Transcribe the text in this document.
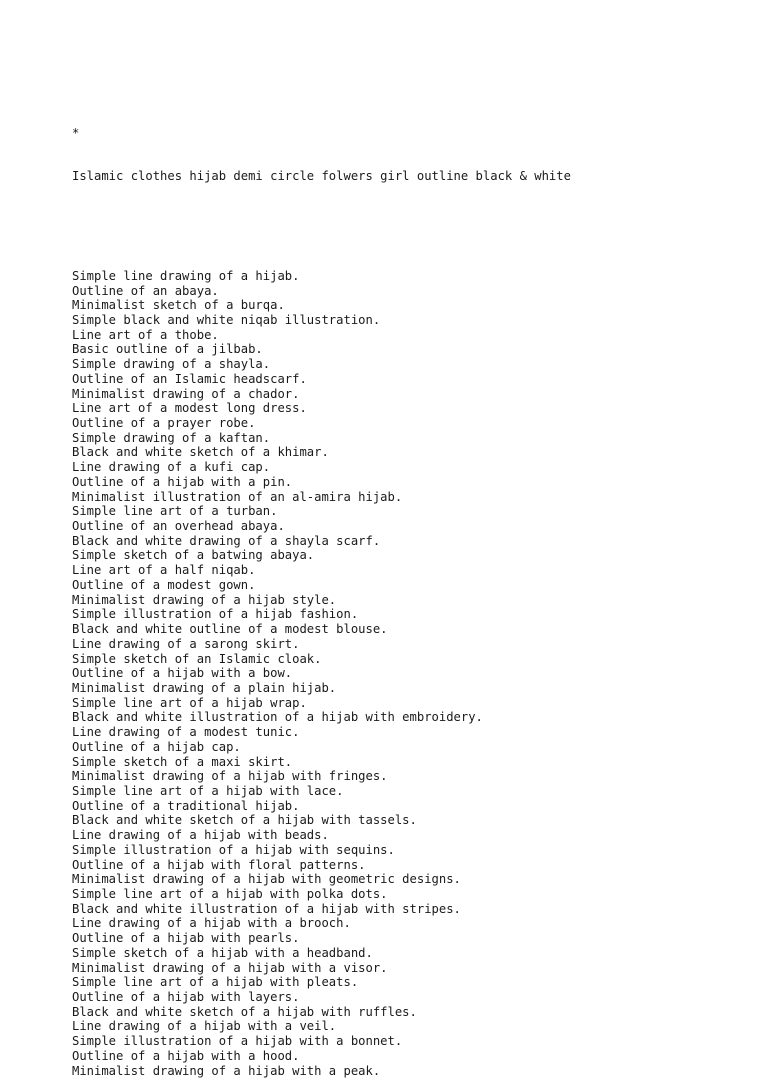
*

Islamic clothes hijab demi circle folwers girl outline black & white

Simple line drawing of a hijab.
Outline of an abaya.
Minimalist sketch of a burqa.
Simple black and white niqab illustration.
Line art of a thobe.
Basic outline of a jilbab.
Simple drawing of a shayla.
Outline of an Islamic headscarf.
Minimalist drawing of a chador.
Line art of a modest long dress.
Outline of a prayer robe.
Simple drawing of a kaftan.
Black and white sketch of a khimar.
Line drawing of a kufi cap.
Outline of a hijab with a pin.
Minimalist illustration of an al-amira hijab.
Simple line art of a turban.
Outline of an overhead abaya.
Black and white drawing of a shayla scarf.
Simple sketch of a batwing abaya.
Line art of a half niqab.
Outline of a modest gown.
Minimalist drawing of a hijab style.
Simple illustration of a hijab fashion.
Black and white outline of a modest blouse.
Line drawing of a sarong skirt.
Simple sketch of an Islamic cloak.
Outline of a hijab with a bow.
Minimalist drawing of a plain hijab.
Simple line art of a hijab wrap.
Black and white illustration of a hijab with embroidery.
Line drawing of a modest tunic.
Outline of a hijab cap.
Simple sketch of a maxi skirt.
Minimalist drawing of a hijab with fringes.
Simple line art of a hijab with lace.
Outline of a traditional hijab.
Black and white sketch of a hijab with tassels.
Line drawing of a hijab with beads.
Simple illustration of a hijab with sequins.
Outline of a hijab with floral patterns.
Minimalist drawing of a hijab with geometric designs.
Simple line art of a hijab with polka dots.
Black and white illustration of a hijab with stripes.
Line drawing of a hijab with a brooch.
Outline of a hijab with pearls.
Simple sketch of a hijab with a headband.
Minimalist drawing of a hijab with a visor.
Simple line art of a hijab with pleats.
Outline of a hijab with layers.
Black and white sketch of a hijab with ruffles.
Line drawing of a hijab with a veil.
Simple illustration of a hijab with a bonnet.
Outline of a hijab with a hood.
Minimalist drawing of a hijab with a peak.
